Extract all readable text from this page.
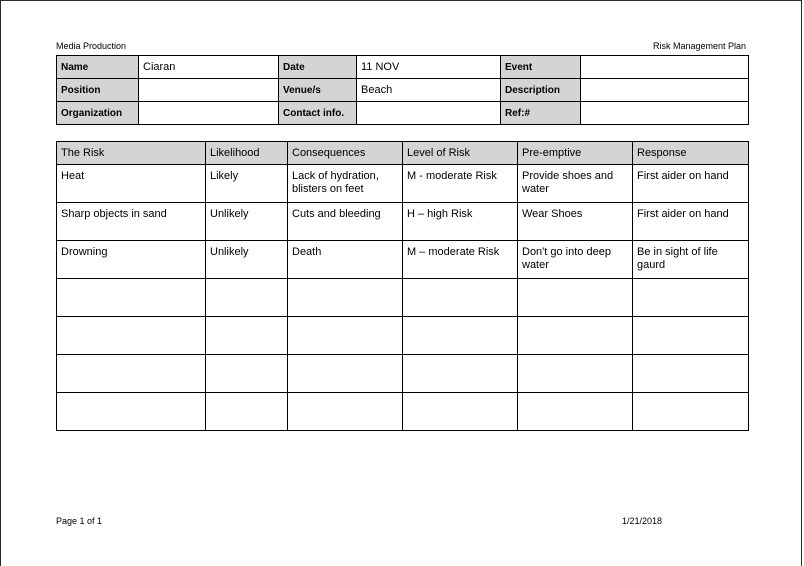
Media Production	Risk Management Plan
Name	Ciaran	Date	11 NOV	Event	
Position		Venue/s	Beach	Description	
Organization		Contact info.		Ref:#	
The Risk	Likelihood	Consequences	Level of Risk	Pre-emptive	Response
Heat	Likely	Lack of hydration, blisters on feet	M - moderate Risk	Provide shoes and water	First aider on hand
Sharp objects in sand	Unlikely	Cuts and bleeding	H – high Risk	Wear Shoes	First aider on hand
Drowning	Unlikely	Death	M – moderate Risk	Don't go into deep water	Be in sight of life gaurd

Page 1 of 1	1/21/2018
